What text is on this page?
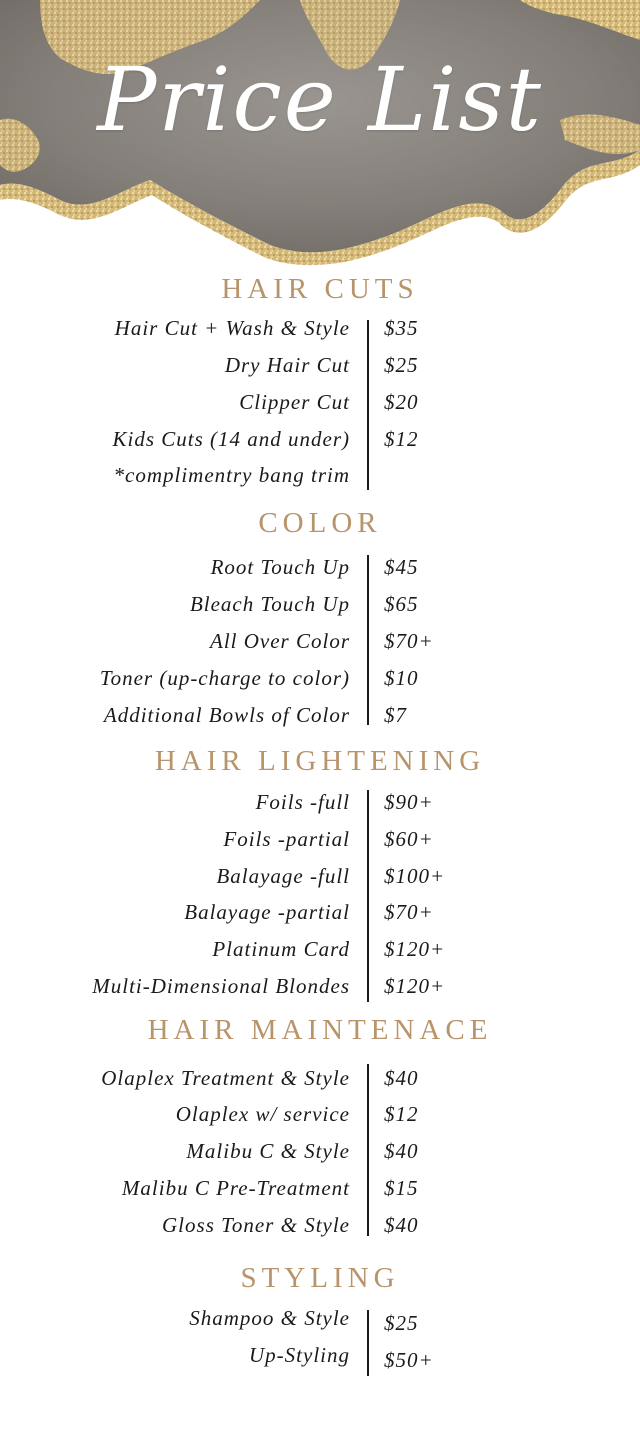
Price List
HAIR CUTS
Hair Cut + Wash & Style $35
Dry Hair Cut $25
Clipper Cut $20
Kids Cuts (14 and under) $12
*complimentry bang trim
COLOR
Root Touch Up $45
Bleach Touch Up $65
All Over Color $70+
Toner (up-charge to color) $10
Additional Bowls of Color $7
HAIR LIGHTENING
Foils -full $90+
Foils -partial $60+
Balayage -full $100+
Balayage -partial $70+
Platinum Card $120+
Multi-Dimensional Blondes $120+
HAIR MAINTENACE
Olaplex Treatment & Style $40
Olaplex w/ service $12
Malibu C & Style $40
Malibu C Pre-Treatment $15
Gloss Toner & Style $40
STYLING
Shampoo & Style $25
Up-Styling $50+
